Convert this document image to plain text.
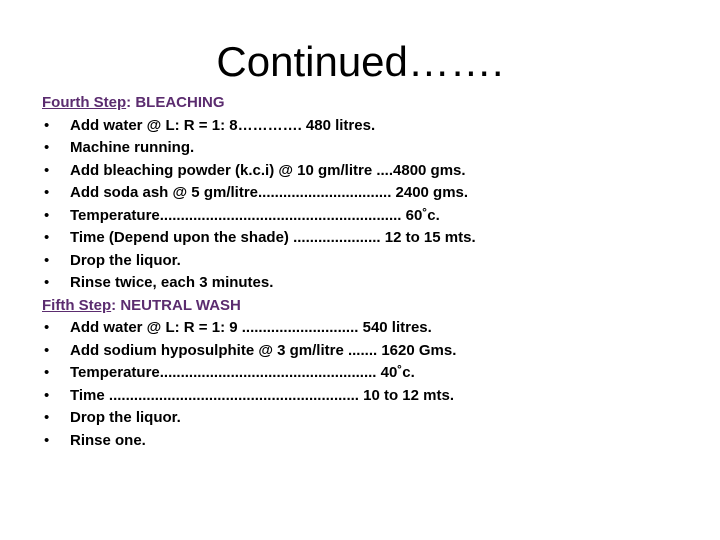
Continued…….
Fourth Step: BLEACHING
• Add water @ L: R = 1: 8…………. 480 litres.
• Machine running.
• Add bleaching powder (k.c.i) @ 10 gm/litre ....4800 gms.
• Add soda ash @ 5 gm/litre................................ 2400 gms.
• Temperature.......................................................... 60˚c.
• Time (Depend upon the shade) ..................... 12 to 15 mts.
• Drop the liquor.
• Rinse twice, each 3 minutes.
Fifth Step: NEUTRAL WASH
• Add water @ L: R = 1: 9 ............................ 540 litres.
• Add sodium hyposulphite @ 3 gm/litre ....... 1620 Gms.
• Temperature.................................................... 40˚c.
• Time ............................................................ 10 to 12 mts.
• Drop the liquor.
• Rinse one.
